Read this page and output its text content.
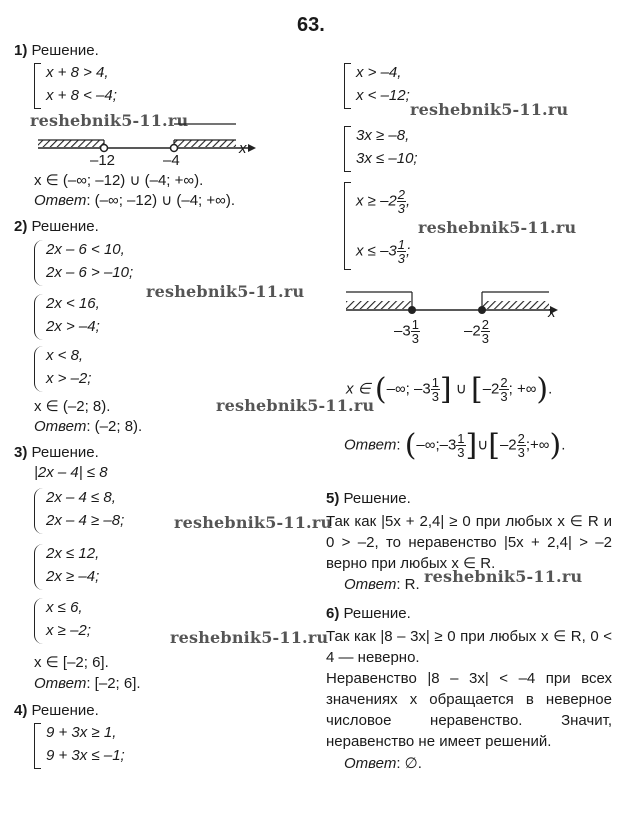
63.
1) Решение.
x + 8 > 4,
x + 8 < –4;
reshebnik5-11.ru
–12	–4
x
x ∈ (–∞; –12) ∪ (–4; +∞).
Ответ: (–∞; –12) ∪ (–4; +∞).
2) Решение.
2x – 6 < 10,
2x – 6 > –10;
2x < 16,
2x > –4;
reshebnik5-11.ru
x < 8,
x > –2;
x ∈ (–2; 8).
Ответ: (–2; 8).
3) Решение.
|2x – 4| ≤ 8
2x – 4 ≤ 8,
2x – 4 ≥ –8;	reshebnik5-11.ru
2x ≤ 12,
2x ≥ –4;
x ≤ 6,
x ≥ –2;	reshebnik5-11.ru
x ∈ [–2; 6].
Ответ: [–2; 6].
4) Решение.
9 + 3x ≥ 1,
9 + 3x ≤ –1;
x > –4,
x < –12;
reshebnik5-11.ru
3x ≥ –8,
3x ≤ –10;
$x \ge -2 \frac{2}{3}$ ,
$x \le -3 \frac{1}{3}$ ;
reshebnik5-11.ru
x
$-3 \frac{1}{3}$	$-2 \frac{2}{3}$
x ∈ (–∞; $-3 \frac{1}{3}$ ] ∪ [$-2 \frac{2}{3}$ ; +∞).
reshebnik5-11.ru
Ответ: (–∞;–3 $\frac{1}{3}$ ]∪[–2 $\frac{2}{3}$ ;+∞).
5) Решение.
Так как |5x + 2,4| ≥ 0 при любых x ∈ R и 0 > –2, то неравенство |5x + 2,4| > –2 верно при любых x ∈ R.
Ответ: R. reshebnik5-11.ru
6) Решение.
Так как |8 – 3x| ≥ 0 при любых x ∈ R, 0 < 4 — неверно.
Неравенство |8 – 3x| < –4 при всех значениях x обращается в неверное числовое неравенство. Значит, неравенство не имеет решений.
Ответ: ∅.
